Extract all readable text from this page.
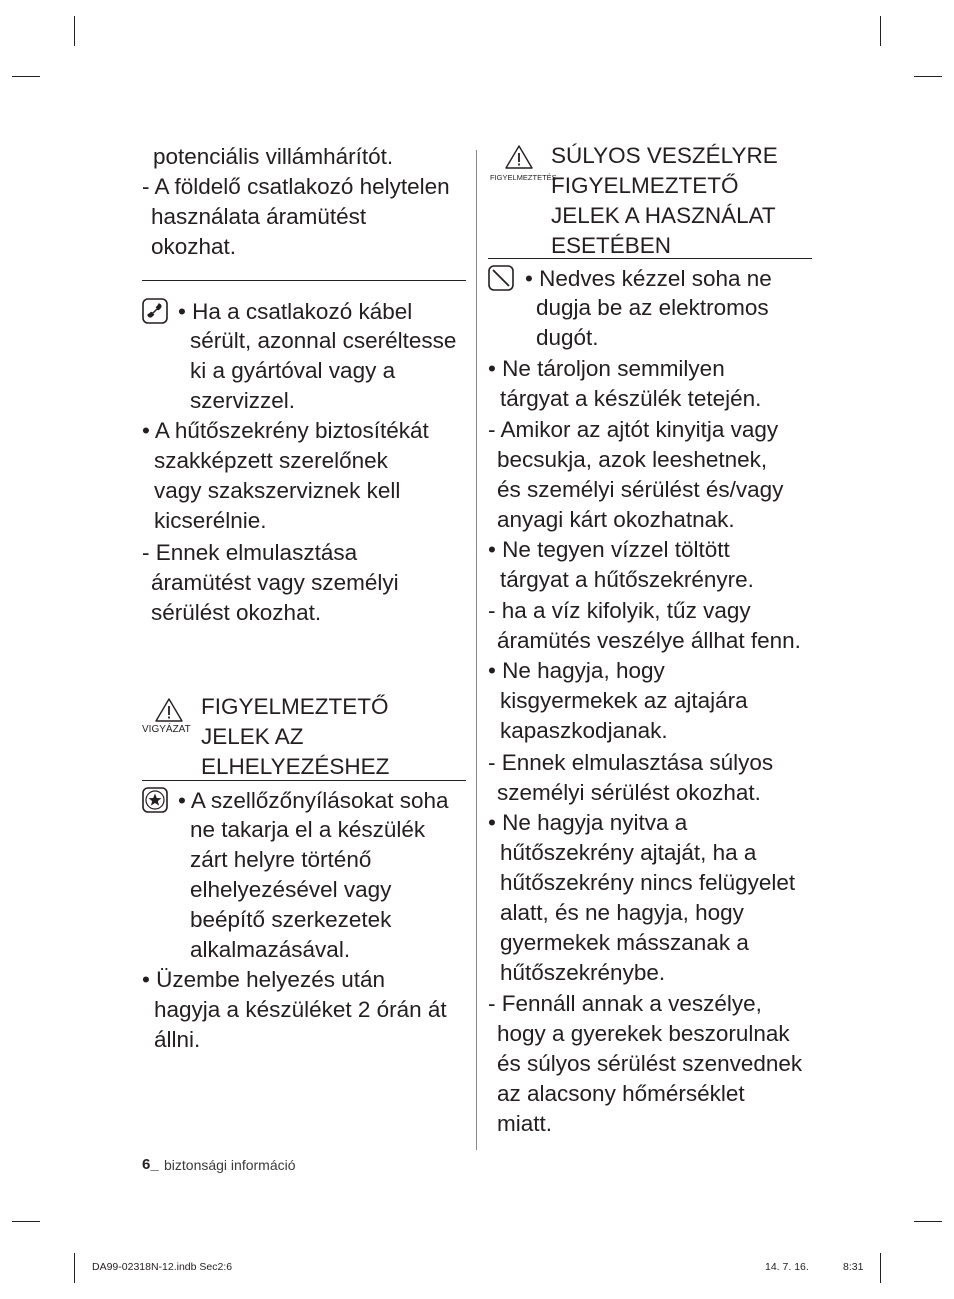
potenciális villámhárítót.
- A földelő csatlakozó helytelen
használata áramütést
okozhat.
• Ha a csatlakozó kábel
sérült, azonnal cseréltesse
ki a gyártóval vagy a
szervizzel.
• A hűtőszekrény biztosítékát
szakképzett szerelőnek
vagy szakszerviznek kell
kicserélnie.
- Ennek elmulasztása
áramütést vagy személyi
sérülést okozhat.
VIGYÁZAT
FIGYELMEZTETŐ
JELEK AZ
ELHELYEZÉSHEZ
• A szellőzőnyílásokat soha
ne takarja el a készülék
zárt helyre történő
elhelyezésével vagy
beépítő szerkezetek
alkalmazásával.
• Üzembe helyezés után
hagyja a készüléket 2 órán át
állni.
FIGYELMEZTETÉS
SÚLYOS VESZÉLYRE
FIGYELMEZTETŐ
JELEK A HASZNÁLAT
ESETÉBEN
• Nedves kézzel soha ne
dugja be az elektromos
dugót.
• Ne tároljon semmilyen
tárgyat a készülék tetején.
- Amikor az ajtót kinyitja vagy
becsukja, azok leeshetnek,
és személyi sérülést és/vagy
anyagi kárt okozhatnak.
• Ne tegyen vízzel töltött
tárgyat a hűtőszekrényre.
- ha a víz kifolyik, tűz vagy
áramütés veszélye állhat fenn.
• Ne hagyja, hogy
kisgyermekek az ajtajára
kapaszkodjanak.
- Ennek elmulasztása súlyos
személyi sérülést okozhat.
• Ne hagyja nyitva a
hűtőszekrény ajtaját, ha a
hűtőszekrény nincs felügyelet
alatt, és ne hagyja, hogy
gyermekek másszanak a
hűtőszekrénybe.
- Fennáll annak a veszélye,
hogy a gyerekek beszorulnak
és súlyos sérülést szenvednek
az alacsony hőmérséklet
miatt.
6_ biztonsági információ
DA99-02318N-12.indb Sec2:6	14. 7. 16.	8:31
